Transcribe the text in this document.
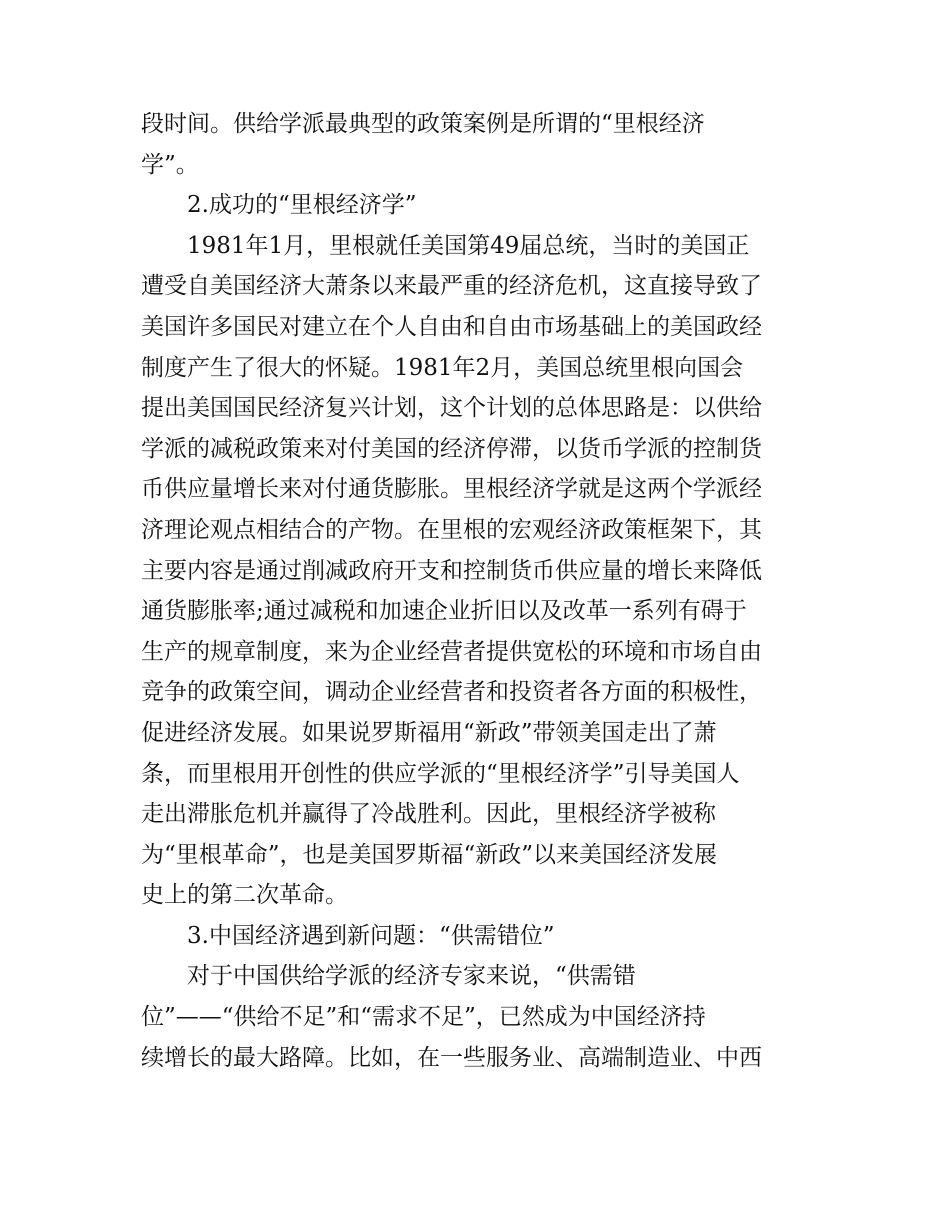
段时间。供给学派最典型的政策案例是所谓的“里根经济
学”。
2.成功的“里根经济学”
1981年1月，里根就任美国第49届总统，当时的美国正
遭受自美国经济大萧条以来最严重的经济危机，这直接导致了
美国许多国民对建立在个人自由和自由市场基础上的美国政经
制度产生了很大的怀疑。1981年2月，美国总统里根向国会
提出美国国民经济复兴计划，这个计划的总体思路是：以供给
学派的减税政策来对付美国的经济停滞，以货币学派的控制货
币供应量增长来对付通货膨胀。里根经济学就是这两个学派经
济理论观点相结合的产物。在里根的宏观经济政策框架下，其
主要内容是通过削减政府开支和控制货币供应量的增长来降低
通货膨胀率;通过减税和加速企业折旧以及改革一系列有碍于
生产的规章制度，来为企业经营者提供宽松的环境和市场自由
竞争的政策空间，调动企业经营者和投资者各方面的积极性，
促进经济发展。如果说罗斯福用“新政”带领美国走出了萧
条，而里根用开创性的供应学派的“里根经济学”引导美国人
走出滞胀危机并赢得了冷战胜利。因此，里根经济学被称
为“里根革命”，也是美国罗斯福“新政”以来美国经济发展
史上的第二次革命。
3.中国经济遇到新问题：“供需错位”
对于中国供给学派的经济专家来说，“供需错
位”——“供给不足”和“需求不足”，已然成为中国经济持
续增长的最大路障。比如，在一些服务业、高端制造业、中西
